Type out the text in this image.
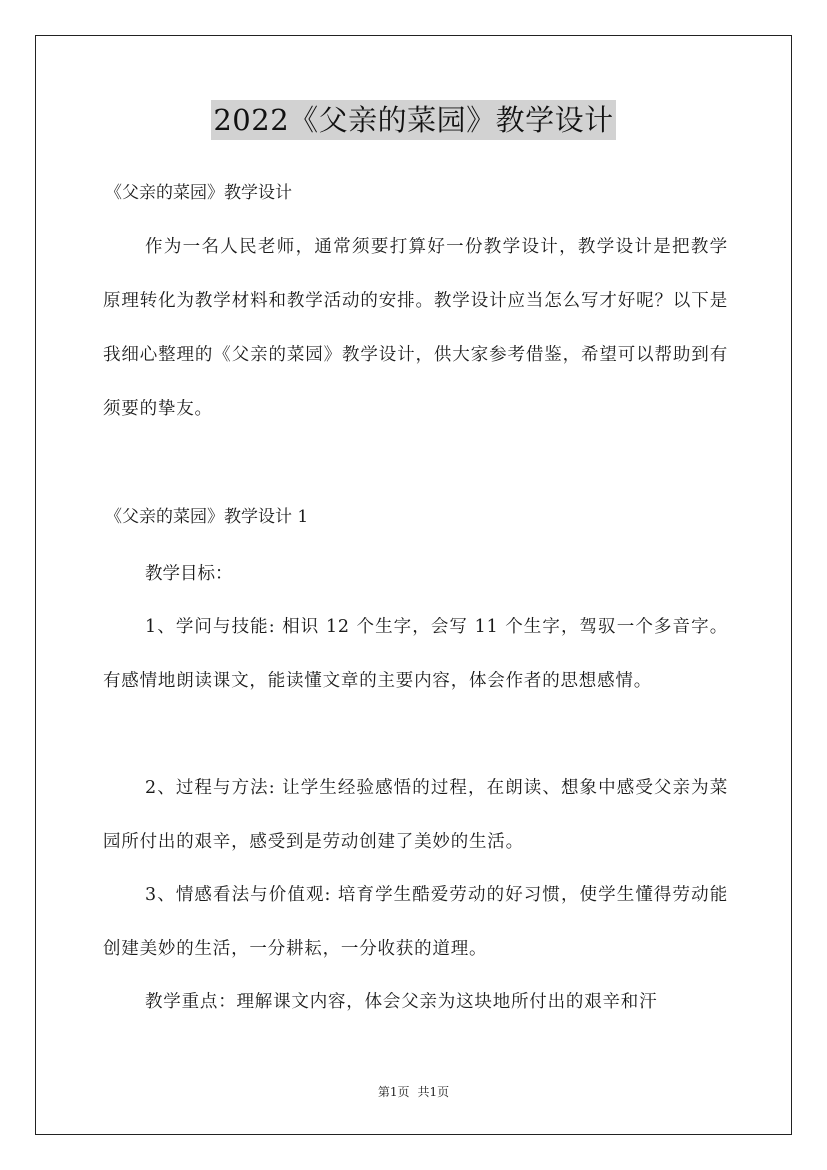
2022《父亲的菜园》教学设计
《父亲的菜园》教学设计

作为一名人民老师，通常须要打算好一份教学设计，教学设计是把教学原理转化为教学材料和教学活动的安排。教学设计应当怎么写才好呢？以下是我细心整理的《父亲的菜园》教学设计，供大家参考借鉴，希望可以帮助到有须要的挚友。

《父亲的菜园》教学设计 1
教学目标：

1、学问与技能: 相识 12 个生字，会写 11 个生字，驾驭一个多音字。有感情地朗读课文，能读懂文章的主要内容，体会作者的思想感情。

2、过程与方法: 让学生经验感悟的过程，在朗读、想象中感受父亲为菜园所付出的艰辛，感受到是劳动创建了美妙的生活。

3、情感看法与价值观: 培育学生酷爱劳动的好习惯，使学生懂得劳动能创建美妙的生活，一分耕耘，一分收获的道理。

教学重点：理解课文内容，体会父亲为这块地所付出的艰辛和汗

第1页 共1页
